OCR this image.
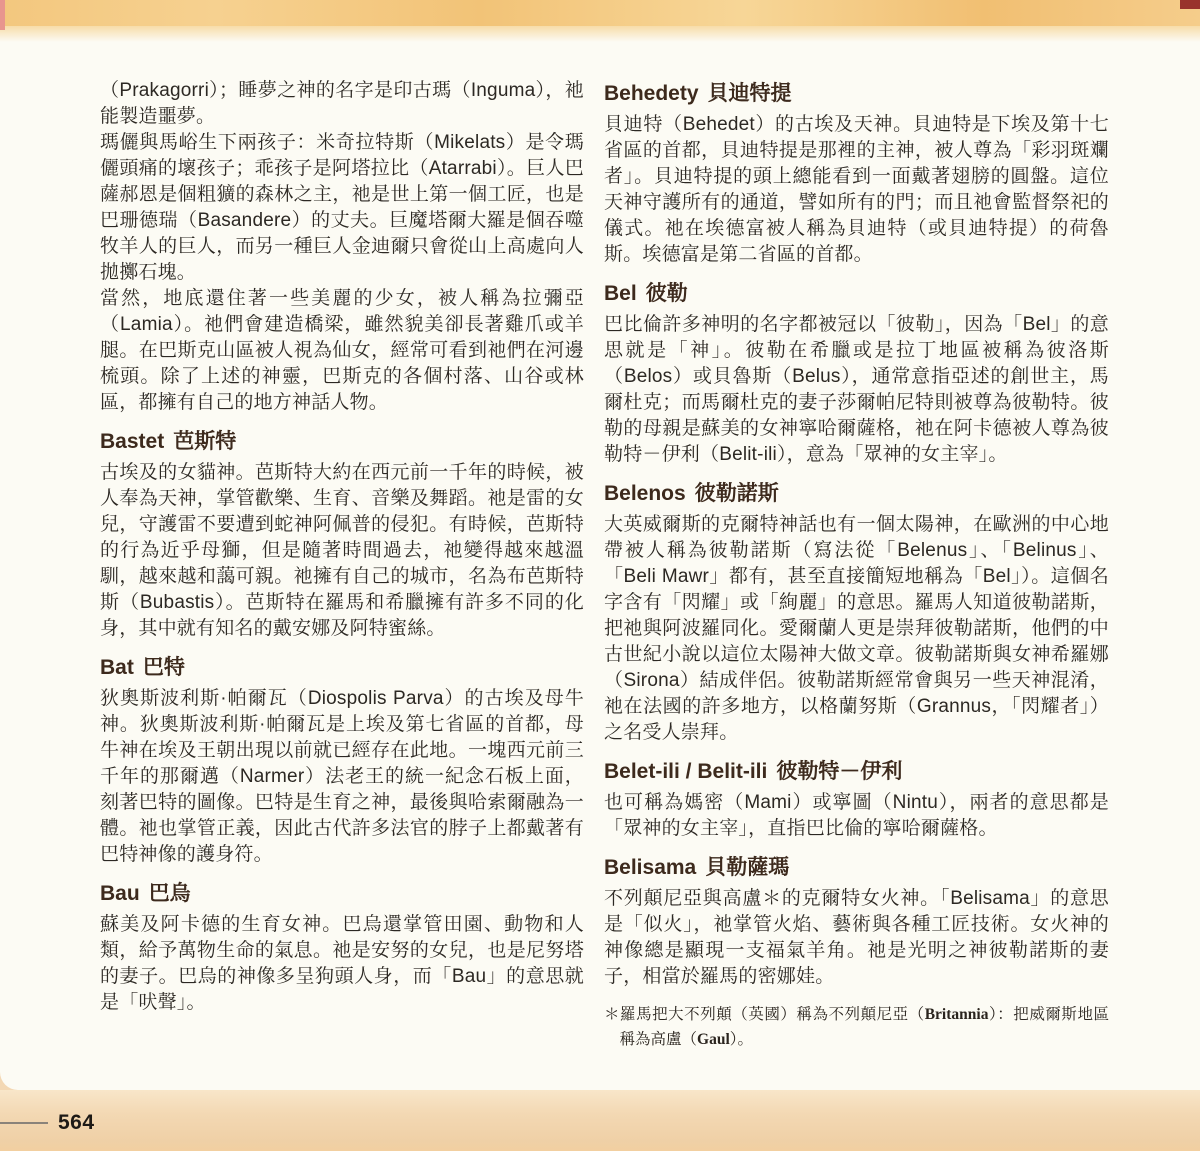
（Prakagorri）；睡夢之神的名字是印古瑪（Inguma），祂能製造噩夢。

瑪儷與馬峪生下兩孩子：米奇拉特斯（Mikelats）是令瑪儷頭痛的壞孩子；乖孩子是阿塔拉比（Atarrabi）。巨人巴薩郝恩是個粗獷的森林之主，祂是世上第一個工匠，也是巴珊德瑞（Basandere）的丈夫。巨魔塔爾大羅是個吞噬牧羊人的巨人，而另一種巨人金迪爾只會從山上高處向人拋擲石塊。

當然，地底還住著一些美麗的少女，被人稱為拉彌亞（Lamia）。祂們會建造橋梁，雖然貌美卻長著雞爪或羊腿。在巴斯克山區被人視為仙女，經常可看到祂們在河邊梳頭。除了上述的神靈，巴斯克的各個村落、山谷或林區，都擁有自己的地方神話人物。

Bastet 芭斯特

古埃及的女貓神。芭斯特大約在西元前一千年的時候，被人奉為天神，掌管歡樂、生育、音樂及舞蹈。祂是雷的女兒，守護雷不要遭到蛇神阿佩普的侵犯。有時候，芭斯特的行為近乎母獅，但是隨著時間過去，祂變得越來越溫馴，越來越和藹可親。祂擁有自己的城市，名為布芭斯特斯（Bubastis）。芭斯特在羅馬和希臘擁有許多不同的化身，其中就有知名的戴安娜及阿特蜜絲。

Bat 巴特

狄奧斯波利斯·帕爾瓦（Diospolis Parva）的古埃及母牛神。狄奧斯波利斯·帕爾瓦是上埃及第七省區的首都，母牛神在埃及王朝出現以前就已經存在此地。一塊西元前三千年的那爾邁（Narmer）法老王的統一紀念石板上面，刻著巴特的圖像。巴特是生育之神，最後與哈索爾融為一體。祂也掌管正義，因此古代許多法官的脖子上都戴著有巴特神像的護身符。

Bau 巴烏

蘇美及阿卡德的生育女神。巴烏還掌管田園、動物和人類，給予萬物生命的氣息。祂是安努的女兒，也是尼努塔的妻子。巴烏的神像多呈狗頭人身，而「Bau」的意思就是「吠聲」。

Behedety 貝迪特提

貝迪特（Behedet）的古埃及天神。貝迪特是下埃及第十七省區的首都，貝迪特提是那裡的主神，被人尊為「彩羽斑斕者」。貝迪特提的頭上總能看到一面戴著翅膀的圓盤。這位天神守護所有的通道，譬如所有的門；而且祂會監督祭祀的儀式。祂在埃德富被人稱為貝迪特（或貝迪特提）的荷魯斯。埃德富是第二省區的首都。

Bel 彼勒

巴比倫許多神明的名字都被冠以「彼勒」，因為「Bel」的意思就是「神」。彼勒在希臘或是拉丁地區被稱為彼洛斯（Belos）或貝魯斯（Belus），通常意指亞述的創世主，馬爾杜克；而馬爾杜克的妻子莎爾帕尼特則被尊為彼勒特。彼勒的母親是蘇美的女神寧哈爾薩格，祂在阿卡德被人尊為彼勒特－伊利（Belit-ili），意為「眾神的女主宰」。

Belenos 彼勒諾斯

大英威爾斯的克爾特神話也有一個太陽神，在歐洲的中心地帶被人稱為彼勒諾斯（寫法從「Belenus」、「Belinus」、「Beli Mawr」都有，甚至直接簡短地稱為「Bel」）。這個名字含有「閃耀」或「絢麗」的意思。羅馬人知道彼勒諾斯，把祂與阿波羅同化。愛爾蘭人更是崇拜彼勒諾斯，他們的中古世紀小說以這位太陽神大做文章。彼勒諾斯與女神希羅娜（Sirona）結成伴侶。彼勒諾斯經常會與另一些天神混淆，祂在法國的許多地方，以格蘭努斯（Grannus，「閃耀者」）之名受人崇拜。

Belet-ili / Belit-ili 彼勒特－伊利

也可稱為媽密（Mami）或寧圖（Nintu），兩者的意思都是「眾神的女主宰」，直指巴比倫的寧哈爾薩格。

Belisama 貝勒薩瑪

不列顛尼亞與高盧＊的克爾特女火神。「Belisama」的意思是「似火」，祂掌管火焰、藝術與各種工匠技術。女火神的神像總是顯現一支福氣羊角。祂是光明之神彼勒諾斯的妻子，相當於羅馬的密娜娃。

＊羅馬把大不列顛（英國）稱為不列顛尼亞（Britannia）：把威爾斯地區稱為高盧（Gaul）。

564
